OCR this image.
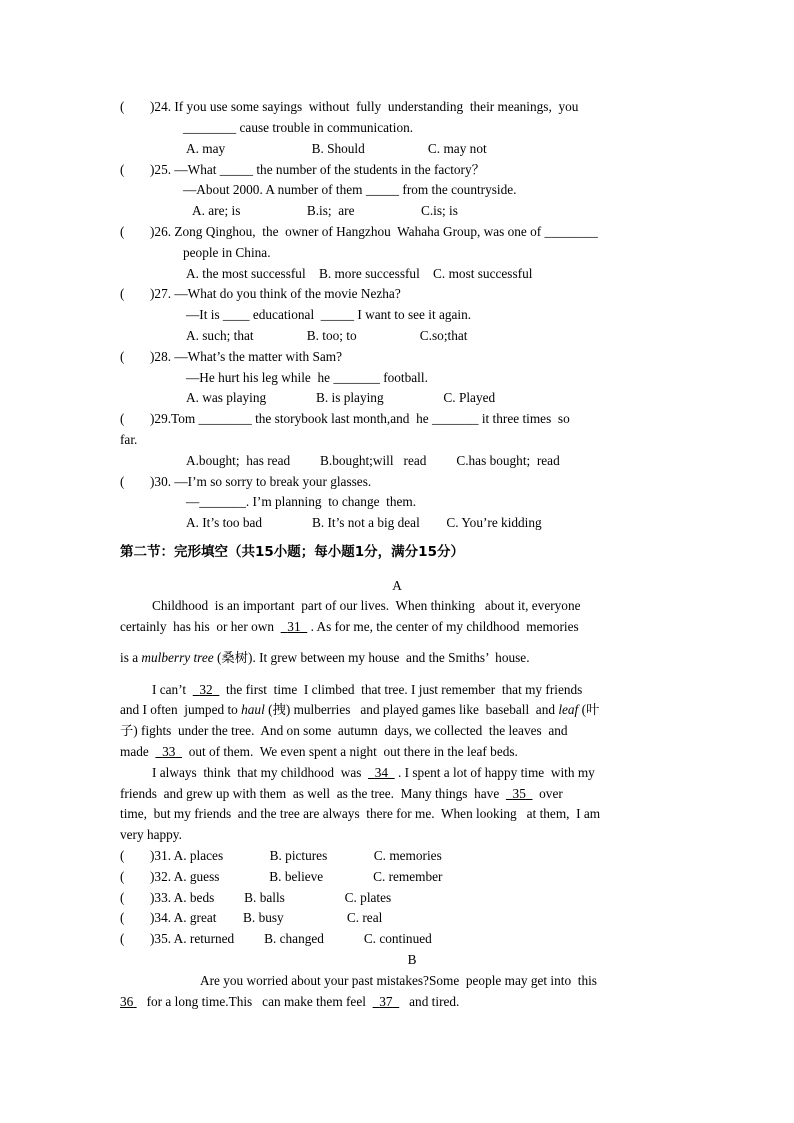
(
)24. If you use some sayings  without  fully  understanding  their meanings,  you
________ cause trouble in communication.
A. may                          B. Should                   C. may not
(
)25. —What _____ the number of the students in the factory？
—About 2000. A number of them _____ from the countryside.
A. are; is                    B.is;  are                    C.is; is
(
)26. Zong Qinghou,  the  owner of Hangzhou  Wahaha Group, was one of ________
people in China.
A. the most successful    B. more successful    C. most successful
(
)27. —What do you think of the movie Nezha?
—It is ____ educational  _____ I want to see it again.
A. such; that                B. too; to                   C.so;that
(
)28. —What’s the matter with Sam?
—He hurt his leg while  he _______ football.
A. was playing               B. is playing                  C. Played
(
)29.Tom ________ the storybook last month,and  he _______ it three times  so
far.
A.bought;  has read         B.bought;will   read         C.has bought;  read
(
)30. —I’m so sorry to break your glasses.
—_______. I’m planning  to change  them.
A. It’s too bad               B. It’s not a big deal        C. You’re kidding
第二节：完形填空（共15小题；每小题1分，满分15分）
A
Childhood  is an important  part of our lives.  When thinking   about it, everyone
certainly  has his  or her own    31   . As for me, the center of my childhood  memories
is a mulberry tree (桑树). It grew between my house  and the Smiths’  house.
I can’t    32    the first  time  I climbed  that tree. I just remember  that my friends
and I often  jumped to haul (拽) mulberries   and played games like  baseball  and leaf (叶
子) fights  under the tree.  And on some  autumn  days, we collected  the leaves  and
made    33    out of them.  We even spent a night  out there in the leaf beds.
I always  think  that my childhood  was    34   . I spent a lot of happy time  with my
friends  and grew up with them  as well  as the tree.  Many things  have    35    over
time,  but my friends  and the tree are always  there for me.  When looking   at them,  I am
very happy.
(
)31. A. places              B. pictures              C. memories
(
)32. A. guess               B. believe               C. remember
(
)33. A. beds         B. balls                  C. plates
(
)34. A. great        B. busy                   C. real
(
)35. A. returned         B. changed            C. continued
B
Are you worried about your past mistakes?Some  people may get into  this
36    for a long time.This   can make them feel    37     and tired.
